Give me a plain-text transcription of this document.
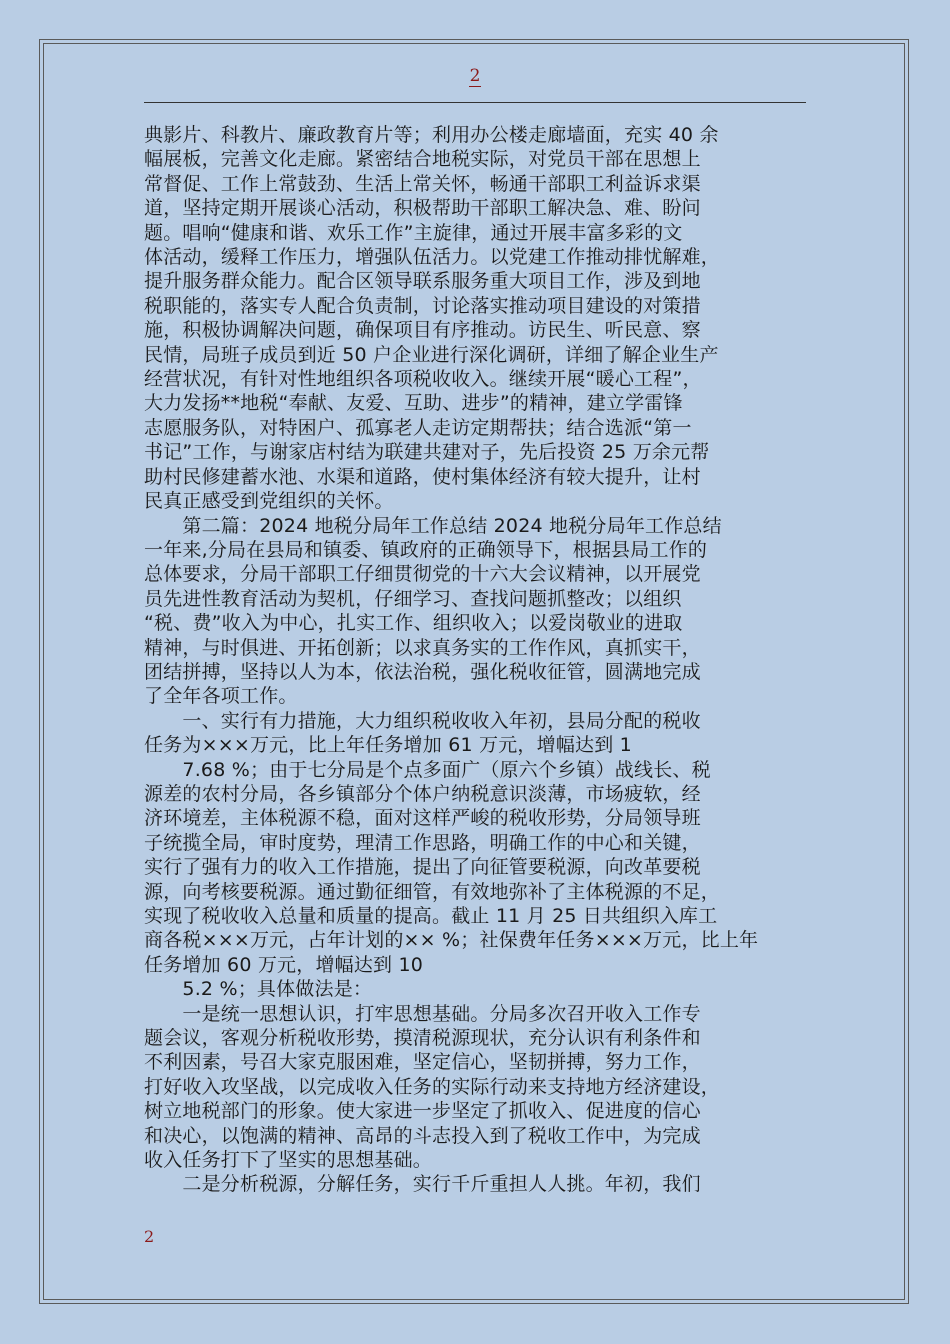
2

典影片、科教片、廉政教育片等；利用办公楼走廊墙面，充实 40 余

幅展板，完善文化走廊。紧密结合地税实际，对党员干部在思想上

常督促、工作上常鼓劲、生活上常关怀，畅通干部职工利益诉求渠

道，坚持定期开展谈心活动，积极帮助干部职工解决急、难、盼问

题。唱响“健康和谐、欢乐工作”主旋律，通过开展丰富多彩的文

体活动，缓释工作压力，增强队伍活力。以党建工作推动排忧解难，

提升服务群众能力。配合区领导联系服务重大项目工作，涉及到地

税职能的，落实专人配合负责制，讨论落实推动项目建设的对策措

施，积极协调解决问题，确保项目有序推动。访民生、听民意、察

民情，局班子成员到近 50 户企业进行深化调研，详细了解企业生产

经营状况，有针对性地组织各项税收收入。继续开展“暖心工程”，

大力发扬**地税“奉献、友爱、互助、进步”的精神，建立学雷锋

志愿服务队，对特困户、孤寡老人走访定期帮扶；结合选派“第一

书记”工作，与谢家店村结为联建共建对子，先后投资 25 万余元帮

助村民修建蓄水池、水渠和道路，使村集体经济有较大提升，让村

民真正感受到党组织的关怀。

　　第二篇：2024 地税分局年工作总结 2024 地税分局年工作总结

一年来,分局在县局和镇委、镇政府的正确领导下，根据县局工作的

总体要求，分局干部职工仔细贯彻党的十六大会议精神，以开展党

员先进性教育活动为契机，仔细学习、查找问题抓整改；以组织

“税、费”收入为中心，扎实工作、组织收入；以爱岗敬业的进取

精神，与时俱进、开拓创新；以求真务实的工作作风，真抓实干，

团结拼搏，坚持以人为本，依法治税，强化税收征管，圆满地完成

了全年各项工作。

　　一、实行有力措施，大力组织税收收入年初，县局分配的税收

任务为×××万元，比上年任务增加 61 万元，增幅达到 1

　　7.68 %；由于七分局是个点多面广（原六个乡镇）战线长、税

源差的农村分局，各乡镇部分个体户纳税意识淡薄，市场疲软，经

济环境差，主体税源不稳，面对这样严峻的税收形势，分局领导班

子统揽全局，审时度势，理清工作思路，明确工作的中心和关键，

实行了强有力的收入工作措施，提出了向征管要税源，向改革要税

源，向考核要税源。通过勤征细管，有效地弥补了主体税源的不足，

实现了税收收入总量和质量的提高。截止 11 月 25 日共组织入库工

商各税×××万元，占年计划的×× %；社保费年任务×××万元，比上年

任务增加 60 万元，增幅达到 10

　　5.2 %；具体做法是：

　　一是统一思想认识，打牢思想基础。分局多次召开收入工作专

题会议，客观分析税收形势，摸清税源现状，充分认识有利条件和

不利因素，号召大家克服困难，坚定信心，坚韧拼搏，努力工作，

打好收入攻坚战，以完成收入任务的实际行动来支持地方经济建设，

树立地税部门的形象。使大家进一步坚定了抓收入、促进度的信心

和决心，以饱满的精神、高昂的斗志投入到了税收工作中，为完成

收入任务打下了坚实的思想基础。

　　二是分析税源，分解任务，实行千斤重担人人挑。年初，我们

2
